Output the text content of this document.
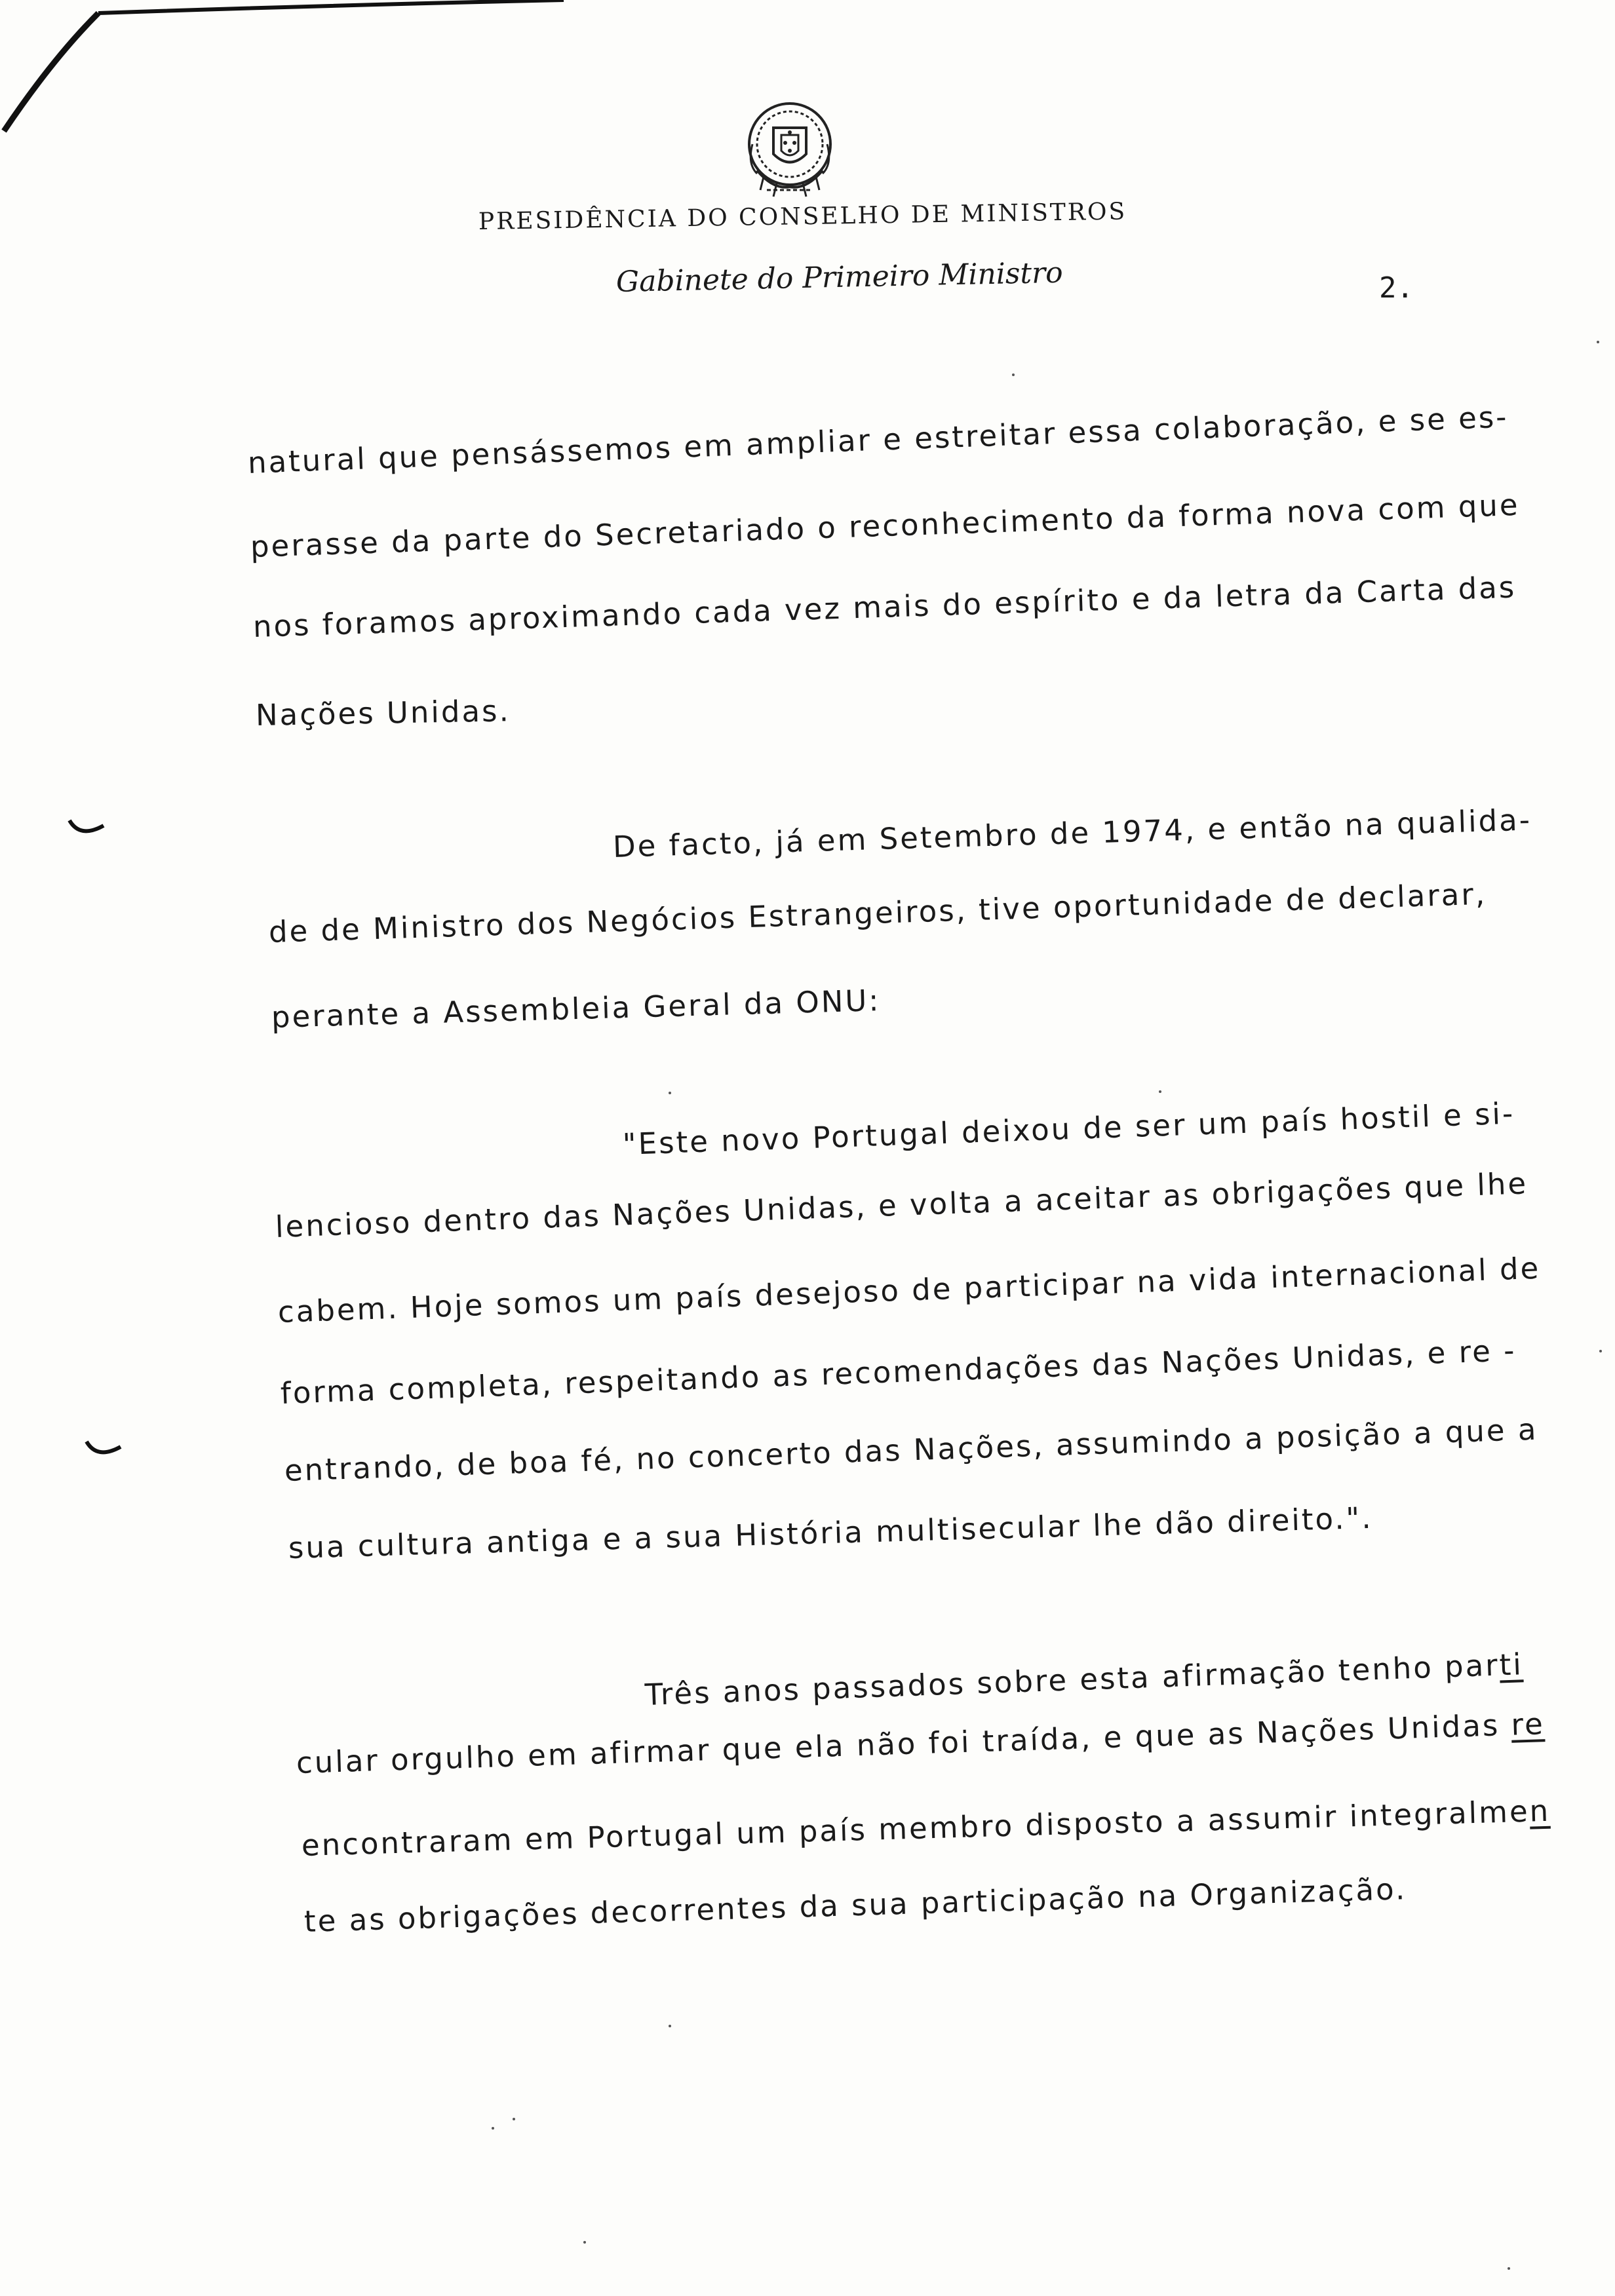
PRESIDÊNCIA DO CONSELHO DE MINISTROS
Gabinete do Primeiro Ministro	2.
natural que pensássemos em ampliar e estreitar essa colaboração, e se es-
perasse da parte do Secretariado o reconhecimento da forma nova com que
nos foramos aproximando cada vez mais do espírito e da letra da Carta das
Nações Unidas.
De facto, já em Setembro de 1974, e então na qualida-
de de Ministro dos Negócios Estrangeiros, tive oportunidade de declarar,
perante a Assembleia Geral da ONU:
"Este novo Portugal deixou de ser um país hostil e si-
lencioso dentro das Nações Unidas, e volta a aceitar as obrigações que lhe
cabem. Hoje somos um país desejoso de participar na vida internacional de
forma completa, respeitando as recomendações das Nações Unidas, e re -
entrando, de boa fé, no concerto das Nações, assumindo a posição a que a
sua cultura antiga e a sua História multisecular lhe dão direito.".
Três anos passados sobre esta afirmação tenho parti
cular orgulho em afirmar que ela não foi traída, e que as Nações Unidas re
encontraram em Portugal um país membro disposto a assumir integralmen
te as obrigações decorrentes da sua participação na Organização.
